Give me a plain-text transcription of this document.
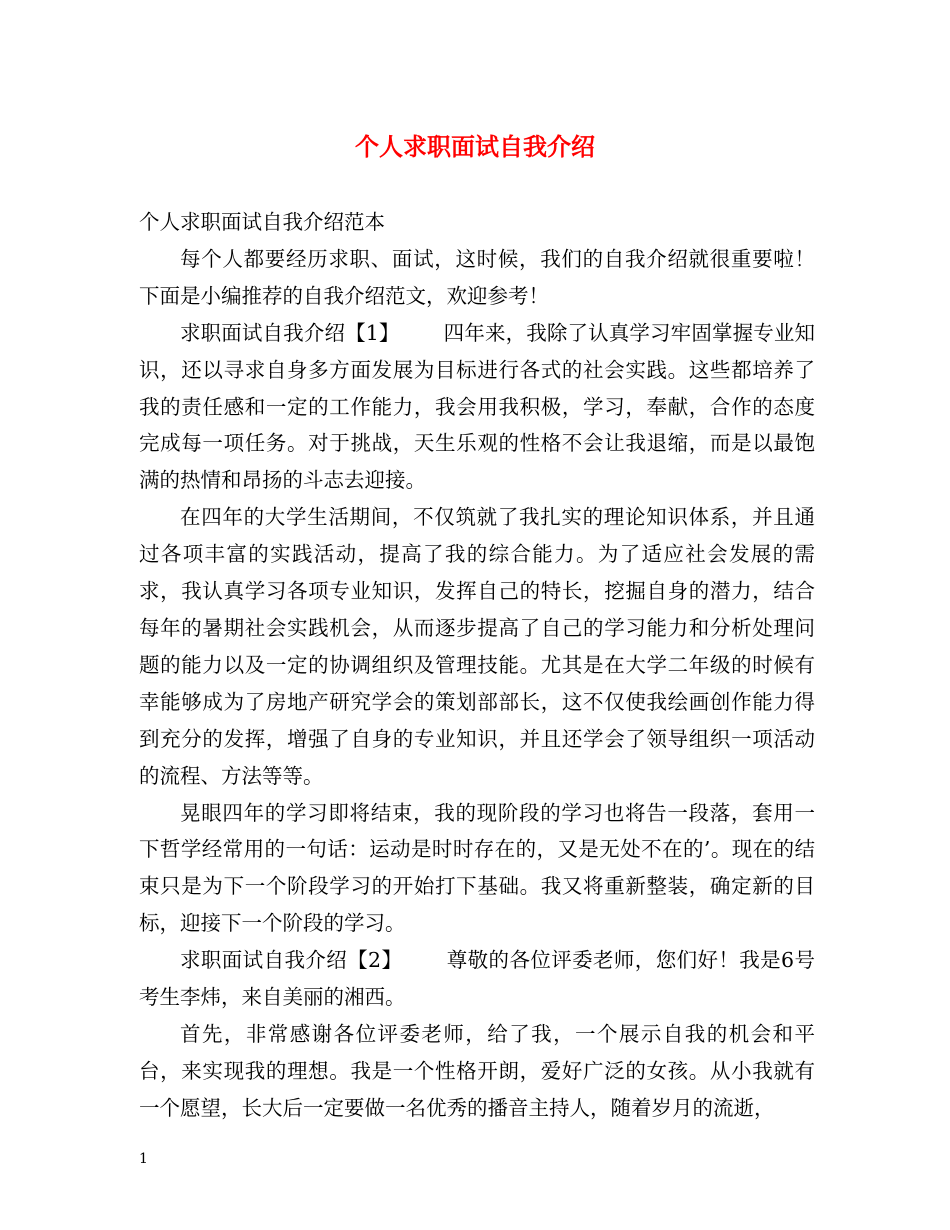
个人求职面试自我介绍

个人求职面试自我介绍范本

每个人都要经历求职、面试，这时候，我们的自我介绍就很重要啦！下面是小编推荐的自我介绍范文，欢迎参考！

求职面试自我介绍【1】 四年来，我除了认真学习牢固掌握专业知识，还以寻求自身多方面发展为目标进行各式的社会实践。这些都培养了我的责任感和一定的工作能力，我会用我积极，学习，奉献，合作的态度完成每一项任务。对于挑战，天生乐观的性格不会让我退缩，而是以最饱满的热情和昂扬的斗志去迎接。

在四年的大学生活期间，不仅筑就了我扎实的理论知识体系，并且通过各项丰富的实践活动，提高了我的综合能力。为了适应社会发展的需求，我认真学习各项专业知识，发挥自己的特长，挖掘自身的潜力，结合每年的暑期社会实践机会，从而逐步提高了自己的学习能力和分析处理问题的能力以及一定的协调组织及管理技能。尤其是在大学二年级的时候有幸能够成为了房地产研究学会的策划部部长，这不仅使我绘画创作能力得到充分的发挥，增强了自身的专业知识，并且还学会了领导组织一项活动的流程、方法等等。

晃眼四年的学习即将结束，我的现阶段的学习也将告一段落，套用一下哲学经常用的一句话：运动是时时存在的，又是无处不在的’。现在的结束只是为下一个阶段学习的开始打下基础。我又将重新整装，确定新的目标，迎接下一个阶段的学习。

求职面试自我介绍【2】 尊敬的各位评委老师，您们好！我是6号考生李炜，来自美丽的湘西。

首先，非常感谢各位评委老师，给了我，一个展示自我的机会和平台，来实现我的理想。我是一个性格开朗，爱好广泛的女孩。从小我就有一个愿望，长大后一定要做一名优秀的播音主持人，随着岁月的流逝，

1
